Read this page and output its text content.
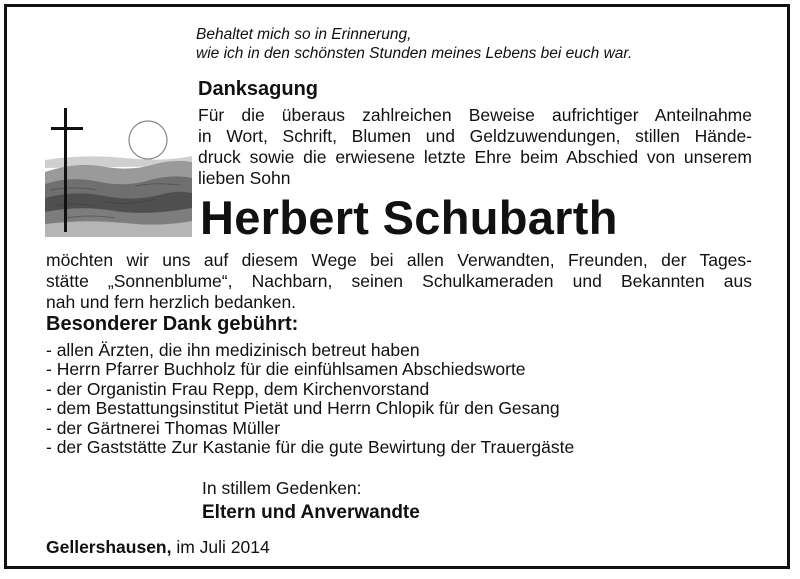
Behaltet mich so in Erinnerung,

wie ich in den schönsten Stunden meines Lebens bei euch war.

Danksagung

Für die überaus zahlreichen Beweise aufrichtiger Anteilnahme

in Wort, Schrift, Blumen und Geldzuwendungen, stillen Hände-

druck sowie die erwiesene letzte Ehre beim Abschied von unserem

lieben Sohn

Herbert Schubarth

möchten wir uns auf diesem Wege bei allen Verwandten, Freunden, der Tages-

stätte „Sonnenblume“, Nachbarn, seinen Schulkameraden und Bekannten aus

nah und fern herzlich bedanken.

Besonderer Dank gebührt:
- allen Ärzten, die ihn medizinisch betreut haben
- Herrn Pfarrer Buchholz für die einfühlsamen Abschiedsworte
- der Organistin Frau Repp, dem Kirchenvorstand
- dem Bestattungsinstitut Pietät und Herrn Chlopik für den Gesang
- der Gärtnerei Thomas Müller
- der Gaststätte Zur Kastanie für die gute Bewirtung der Trauergäste

In stillem Gedenken:

Eltern und Anverwandte

Gellershausen, im Juli 2014
